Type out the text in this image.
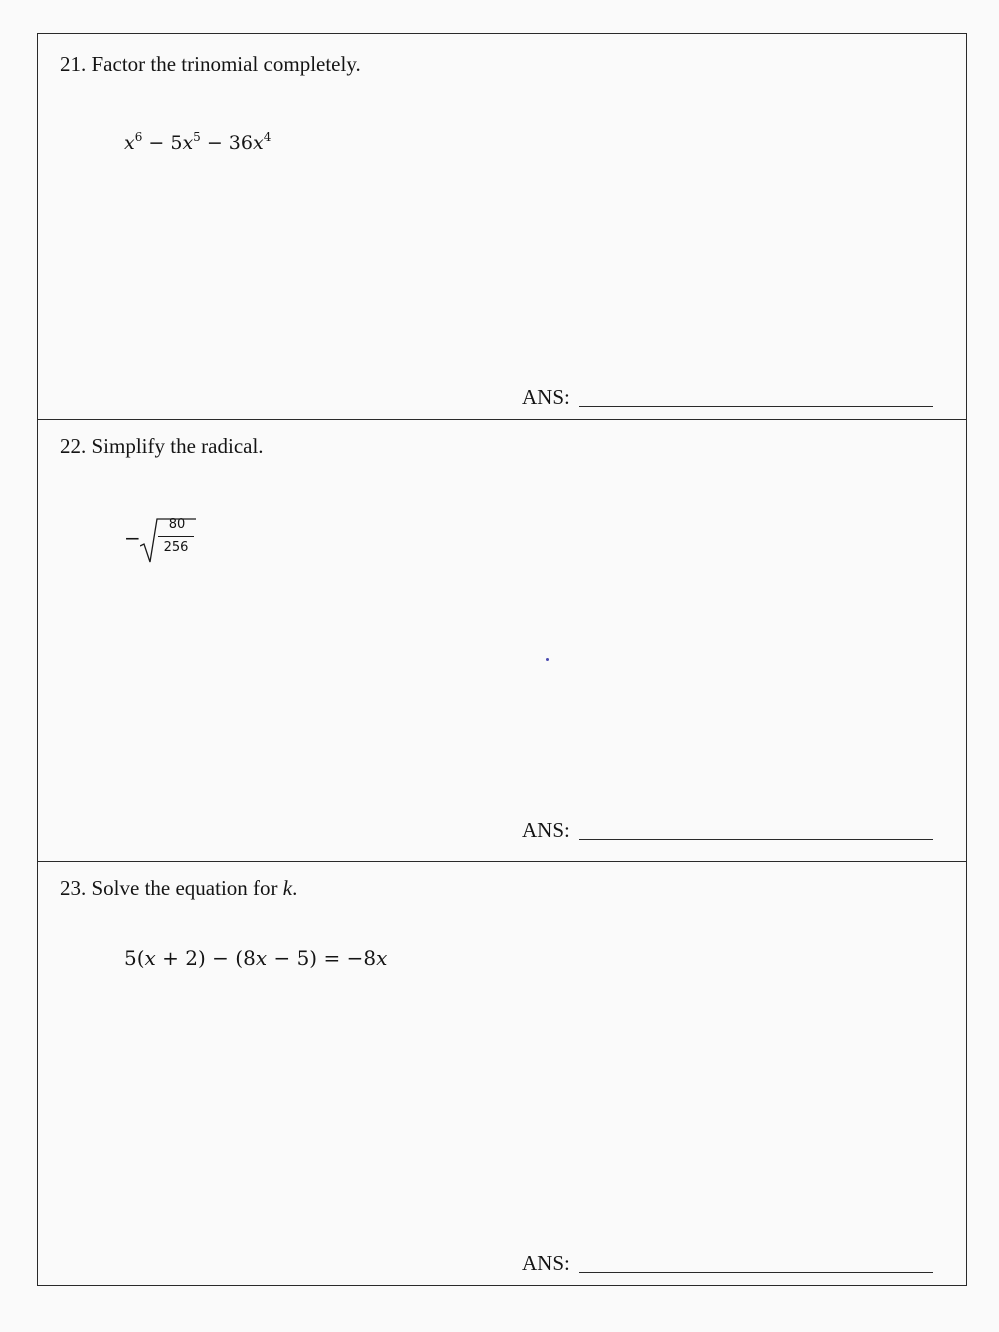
21. Factor the trinomial completely.
$x^6 - 5x^5 - 36x^4$
ANS:
22. Simplify the radical.
−
80
256
ANS:
23. Solve the equation for k.
5(x + 2) − (8x − 5) = −8x
ANS:
